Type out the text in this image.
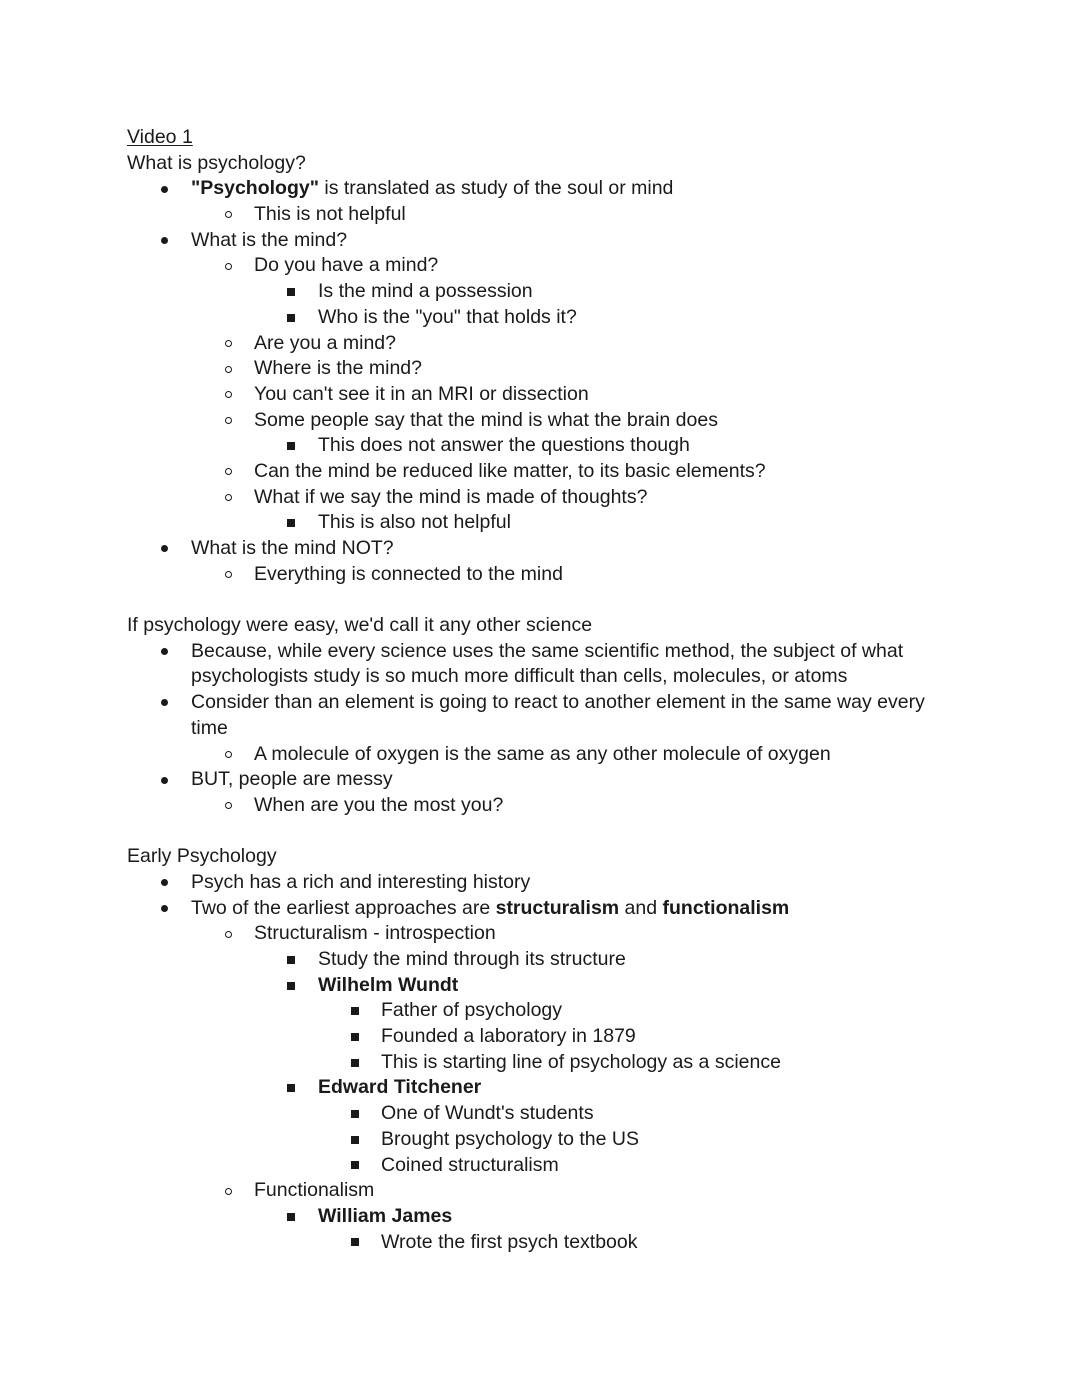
Video 1
What is psychology?
"Psychology" is translated as study of the soul or mind
This is not helpful
What is the mind?
Do you have a mind?
Is the mind a possession
Who is the "you" that holds it?
Are you a mind?
Where is the mind?
You can't see it in an MRI or dissection
Some people say that the mind is what the brain does
This does not answer the questions though
Can the mind be reduced like matter, to its basic elements?
What if we say the mind is made of thoughts?
This is also not helpful
What is the mind NOT?
Everything is connected to the mind
If psychology were easy, we'd call it any other science
Because, while every science uses the same scientific method, the subject of what psychologists study is so much more difficult than cells, molecules, or atoms
Consider than an element is going to react to another element in the same way every time
A molecule of oxygen is the same as any other molecule of oxygen
BUT, people are messy
When are you the most you?
Early Psychology
Psych has a rich and interesting history
Two of the earliest approaches are structuralism and functionalism
Structuralism - introspection
Study the mind through its structure
Wilhelm Wundt
Father of psychology
Founded a laboratory in 1879
This is starting line of psychology as a science
Edward Titchener
One of Wundt's students
Brought psychology to the US
Coined structuralism
Functionalism
William James
Wrote the first psych textbook
